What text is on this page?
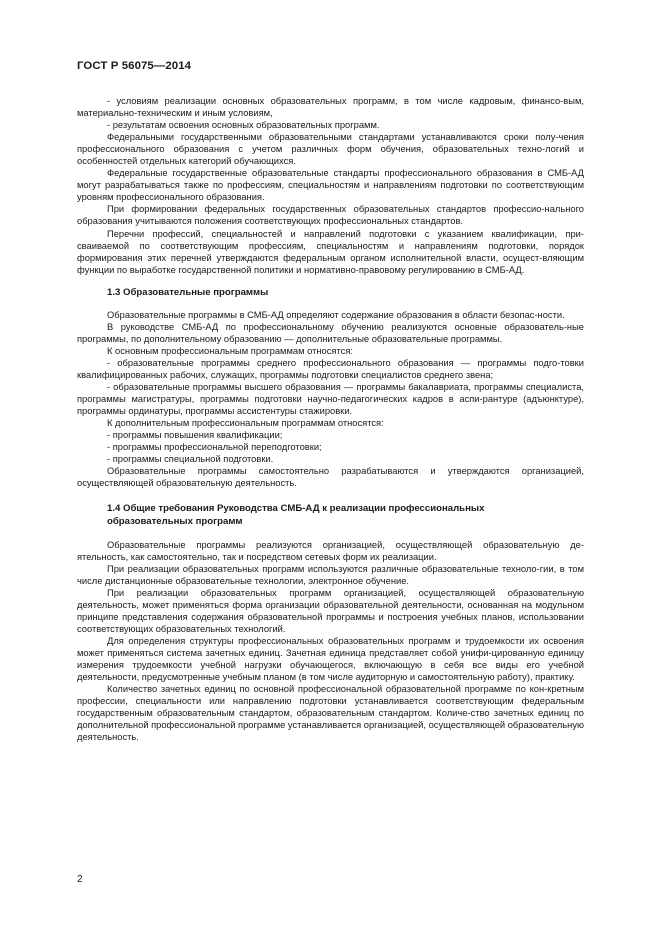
ГОСТ Р 56075—2014

- условиям реализации основных образовательных программ, в том числе кадровым, финансо-вым, материально-техническим и иным условиям,

- результатам освоения основных образовательных программ.

Федеральными государственными образовательными стандартами устанавливаются сроки полу-чения профессионального образования с учетом различных форм обучения, образовательных техно-логий и особенностей отдельных категорий обучающихся.

Федеральные государственные образовательные стандарты профессионального образования в СМБ-АД могут разрабатываться также по профессиям, специальностям и направлениям подготовки по соответствующим уровням профессионального образования.

При формировании федеральных государственных образовательных стандартов профессио-нального образования учитываются положения соответствующих профессиональных стандартов.

Перечни профессий, специальностей и направлений подготовки с указанием квалификации, при-сваиваемой по соответствующим профессиям, специальностям и направлениям подготовки, порядок формирования этих перечней утверждаются федеральным органом исполнительной власти, осущест-вляющим функции по выработке государственной политики и нормативно-правовому регулированию в СМБ-АД.

1.3 Образовательные программы

Образовательные программы в СМБ-АД определяют содержание образования в области безопас-ности.

В руководстве СМБ-АД по профессиональному обучению реализуются основные образователь-ные программы, по дополнительному образованию — дополнительные образовательные программы.

К основным профессиональным программам относятся:

- образовательные программы среднего профессионального образования — программы подго-товки квалифицированных рабочих, служащих, программы подготовки специалистов среднего звена;

- образовательные программы высшего образования — программы бакалавриата, программы специалиста, программы магистратуры, программы подготовки научно-педагогических кадров в аспи-рантуре (адъюнктуре), программы ординатуры, программы ассистентуры стажировки.

К дополнительным профессиональным программам относятся:

- программы повышения квалификации;

- программы профессиональной переподготовки;

- программы специальной подготовки.

Образовательные программы самостоятельно разрабатываются и утверждаются организацией, осуществляющей образовательную деятельность.

1.4 Общие требования Руководства СМБ-АД к реализации профессиональных
образовательных программ

Образовательные программы реализуются организацией, осуществляющей образовательную де-ятельность, как самостоятельно, так и посредством сетевых форм их реализации.

При реализации образовательных программ используются различные образовательные техноло-гии, в том числе дистанционные образовательные технологии, электронное обучение.

При реализации образовательных программ организацией, осуществляющей образовательную деятельность, может применяться форма организации образовательной деятельности, основанная на модульном принципе представления содержания образовательной программы и построения учебных планов, использовании соответствующих образовательных технологий.

Для определения структуры профессиональных образовательных программ и трудоемкости их освоения может применяться система зачетных единиц. Зачетная единица представляет собой унифи-цированную единицу измерения трудоемкости учебной нагрузки обучающегося, включающую в себя все виды его учебной деятельности, предусмотренные учебным планом (в том числе аудиторную и самостоятельную работу), практику.

Количество зачетных единиц по основной профессиональной образовательной программе по кон-кретным профессии, специальности или направлению подготовки устанавливается соответствующим федеральным государственным образовательным стандартом, образовательным стандартом. Количе-ство зачетных единиц по дополнительной профессиональной программе устанавливается организацией, осуществляющей образовательную деятельность.

2
